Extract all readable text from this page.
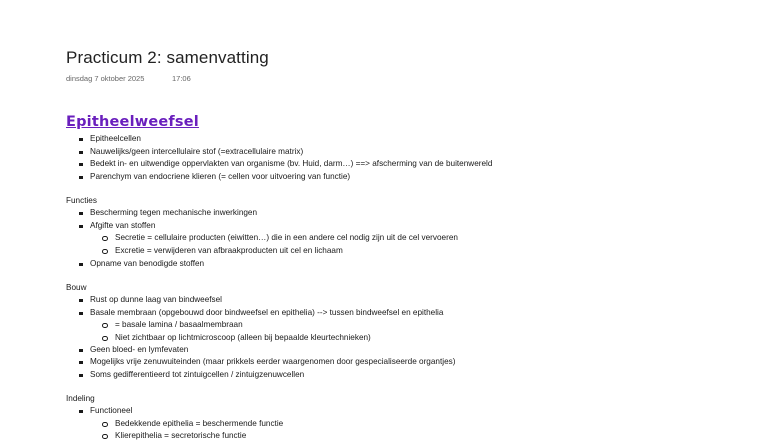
Practicum 2: samenvatting
dinsdag 7 oktober 2025	17:06
Epitheelweefsel
Epitheelcellen
Nauwelijks/geen intercellulaire stof (=extracellulaire matrix)
Bedekt in- en uitwendige oppervlakten van organisme (bv. Huid, darm…) ==> afscherming van de buitenwereld
Parenchym van endocriene klieren (= cellen voor uitvoering van functie)
Functies
Bescherming tegen mechanische inwerkingen
Afgifte van stoffen
Secretie = cellulaire producten (eiwitten…) die in een andere cel nodig zijn uit de cel vervoeren
Excretie = verwijderen van afbraakproducten uit cel en lichaam
Opname van benodigde stoffen
Bouw
Rust op dunne laag van bindweefsel
Basale membraan (opgebouwd door bindweefsel en epithelia) --> tussen bindweefsel en epithelia
= basale lamina / basaalmembraan
Niet zichtbaar op lichtmicroscoop (alleen bij bepaalde kleurtechnieken)
Geen bloed- en lymfevaten
Mogelijks vrije zenuwuiteinden (maar prikkels eerder waargenomen door gespecialiseerde organtjes)
Soms gedifferentieerd tot zintuigcellen / zintuigzenuwcellen
Indeling
Functioneel
Bedekkende epithelia = beschermende functie
Klierepithelia = secretorische functie
